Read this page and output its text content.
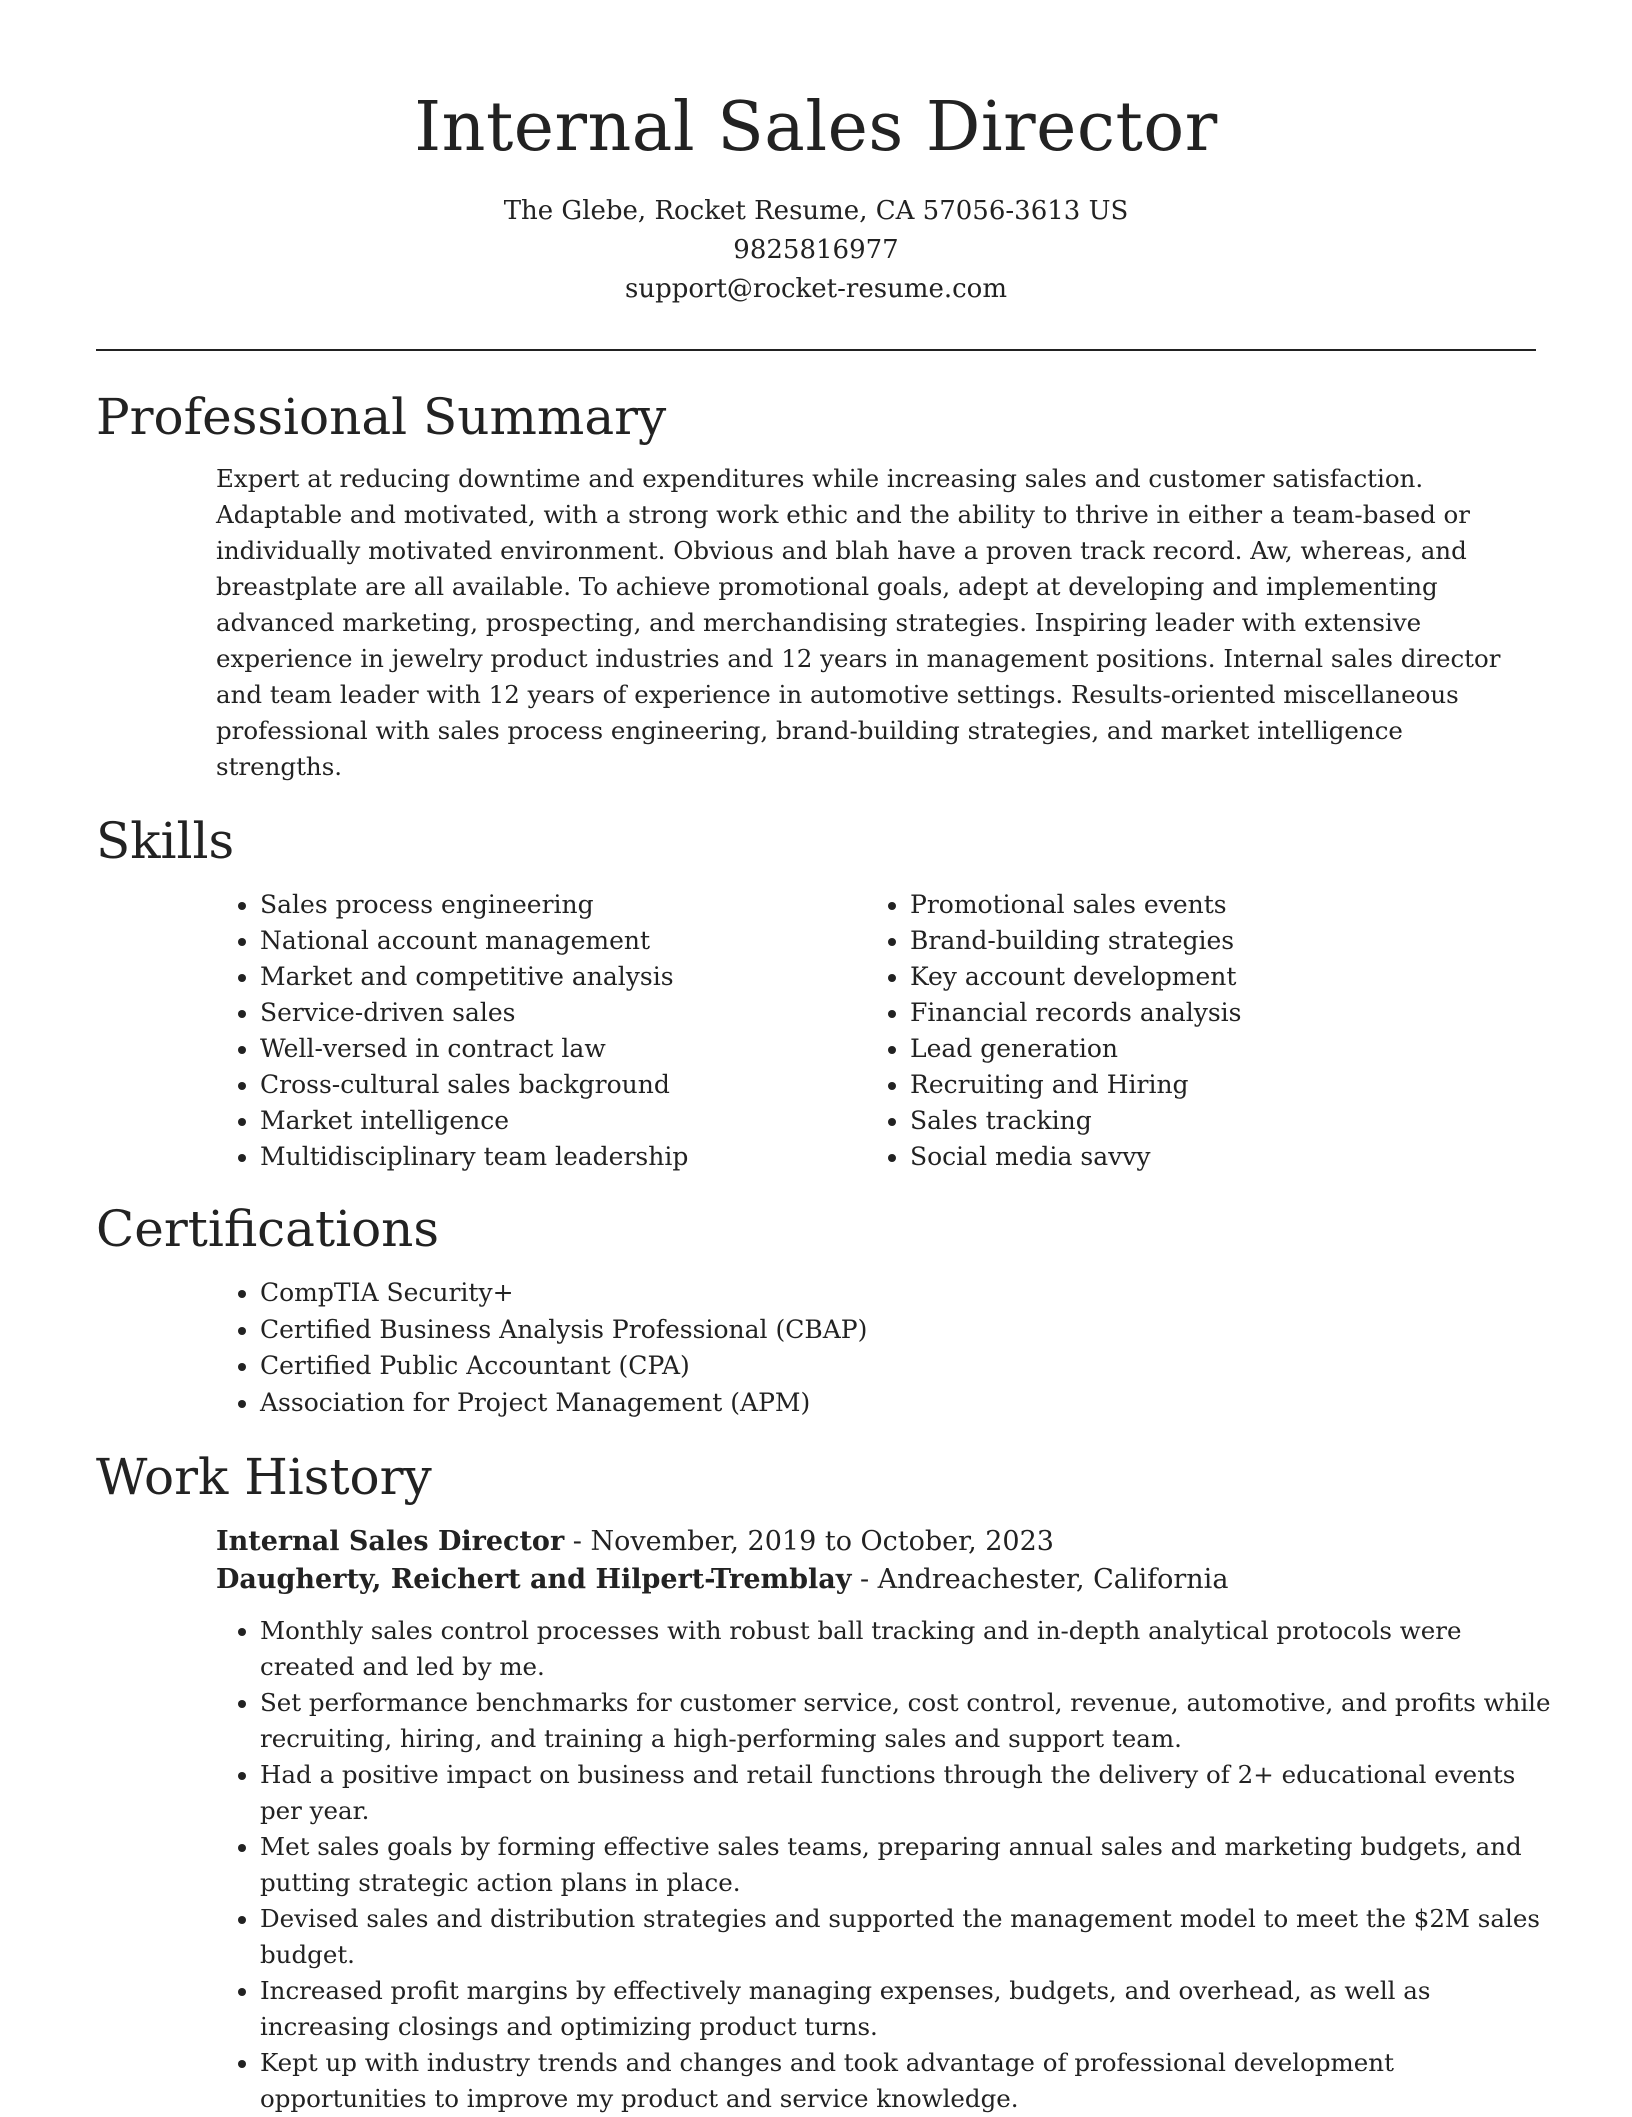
Internal Sales Director
The Glebe, Rocket Resume, CA 57056-3613 US
9825816977
support@rocket-resume.com
Professional Summary

Expert at reducing downtime and expenditures while increasing sales and customer satisfaction. Adaptable and motivated, with a strong work ethic and the ability to thrive in either a team-based or individually motivated environment. Obvious and blah have a proven track record. Aw, whereas, and breastplate are all available. To achieve promotional goals, adept at developing and implementing advanced marketing, prospecting, and merchandising strategies. Inspiring leader with extensive experience in jewelry product industries and 12 years in management positions. Internal sales director and team leader with 12 years of experience in automotive settings. Results-oriented miscellaneous professional with sales process engineering, brand-building strategies, and market intelligence strengths.

Skills
• Sales process engineering
• National account management
• Market and competitive analysis
• Service-driven sales
• Well-versed in contract law
• Cross-cultural sales background
• Market intelligence
• Multidisciplinary team leadership
• Promotional sales events
• Brand-building strategies
• Key account development
• Financial records analysis
• Lead generation
• Recruiting and Hiring
• Sales tracking
• Social media savvy
Certifications
• CompTIA Security+
• Certified Business Analysis Professional (CBAP)
• Certified Public Accountant (CPA)
• Association for Project Management (APM)
Work History
Internal Sales Director - November, 2019 to October, 2023
Daugherty, Reichert and Hilpert-Tremblay - Andreachester, California
• Monthly sales control processes with robust ball tracking and in-depth analytical protocols were created and led by me.
• Set performance benchmarks for customer service, cost control, revenue, automotive, and profits while recruiting, hiring, and training a high-performing sales and support team.
• Had a positive impact on business and retail functions through the delivery of 2+ educational events per year.
• Met sales goals by forming effective sales teams, preparing annual sales and marketing budgets, and putting strategic action plans in place.
• Devised sales and distribution strategies and supported the management model to meet the $2M sales budget.
• Increased profit margins by effectively managing expenses, budgets, and overhead, as well as increasing closings and optimizing product turns.
• Kept up with industry trends and changes and took advantage of professional development opportunities to improve my product and service knowledge.
